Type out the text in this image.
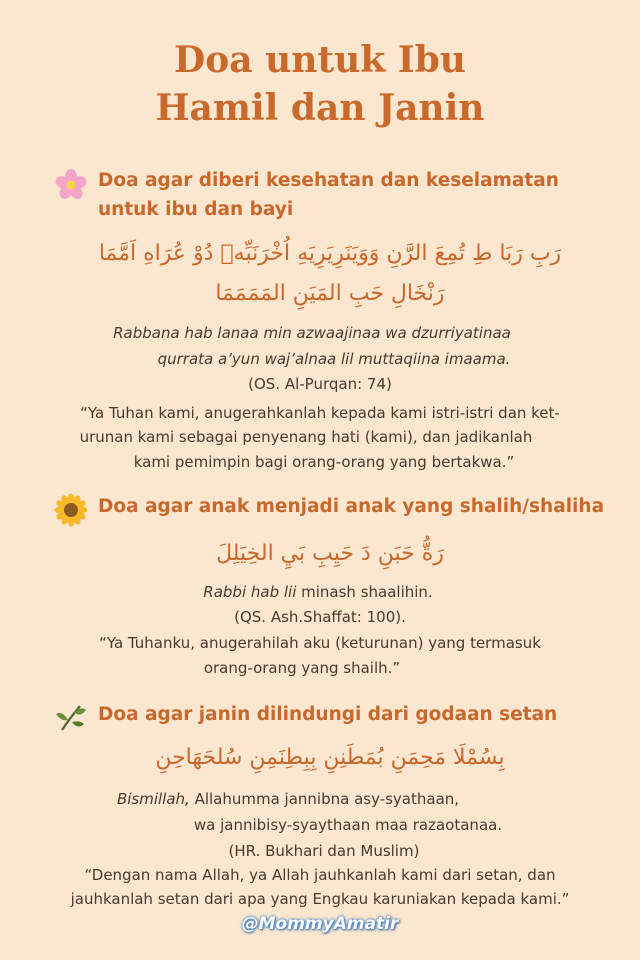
Doa untuk Ibu
Hamil dan Janin
Doa agar diberi kesehatan dan keselamatan
untuk ibu dan bayi
رَبِ رَبَا طِ تُمِعَ الرَّنِ وَوَيَنَرِيَرِيَهِ اُخْرَنَبِّهٖ دُوْ عُرَاهِ اَمَّمَا
رَنْخَالِ حَبِ المَيَنِ المَمَمَمَا
Rabbana hab lanaa min azwaajinaa wa dzurriyatinaa
qurrata a’yun waj’alnaa lil muttaqiina imaama.
(OS. Al-Purqan: 74)
“Ya Tuhan kami, anugerahkanlah kepada kami istri-istri dan ket-
urunan kami sebagai penyenang hati (kami), dan jadikanlah
kami pemimpin bagi orang-orang yang bertakwa.”
Doa agar anak menjadi anak yang shalih/shaliha
رَةُّ حَبَنِ دَ حَيِبِ بَيِ الخِيَلِلَ
Rabbi hab lii minash shaalihin.
(QS. Ash.Shaffat: 100).
“Ya Tuhanku, anugerahilah aku (keturunan) yang termasuk
orang-orang yang shailh.”
Doa agar janin dilindungi dari godaan setan
بِسُمْلَا مَحِمَنِ بُمَطَنِنِ بِبِطِنَمِنِ سُلحَهَاحِنِ
Bismillah, Allahumma jannibna asy-syathaan,
wa jannibisy-syaythaan maa razaotanaa.
(HR. Bukhari dan Muslim)
“Dengan nama Allah, ya Allah jauhkanlah kami dari setan, dan
jauhkanlah setan dari apa yang Engkau karuniakan kepada kami.”
@MommyAmatir
